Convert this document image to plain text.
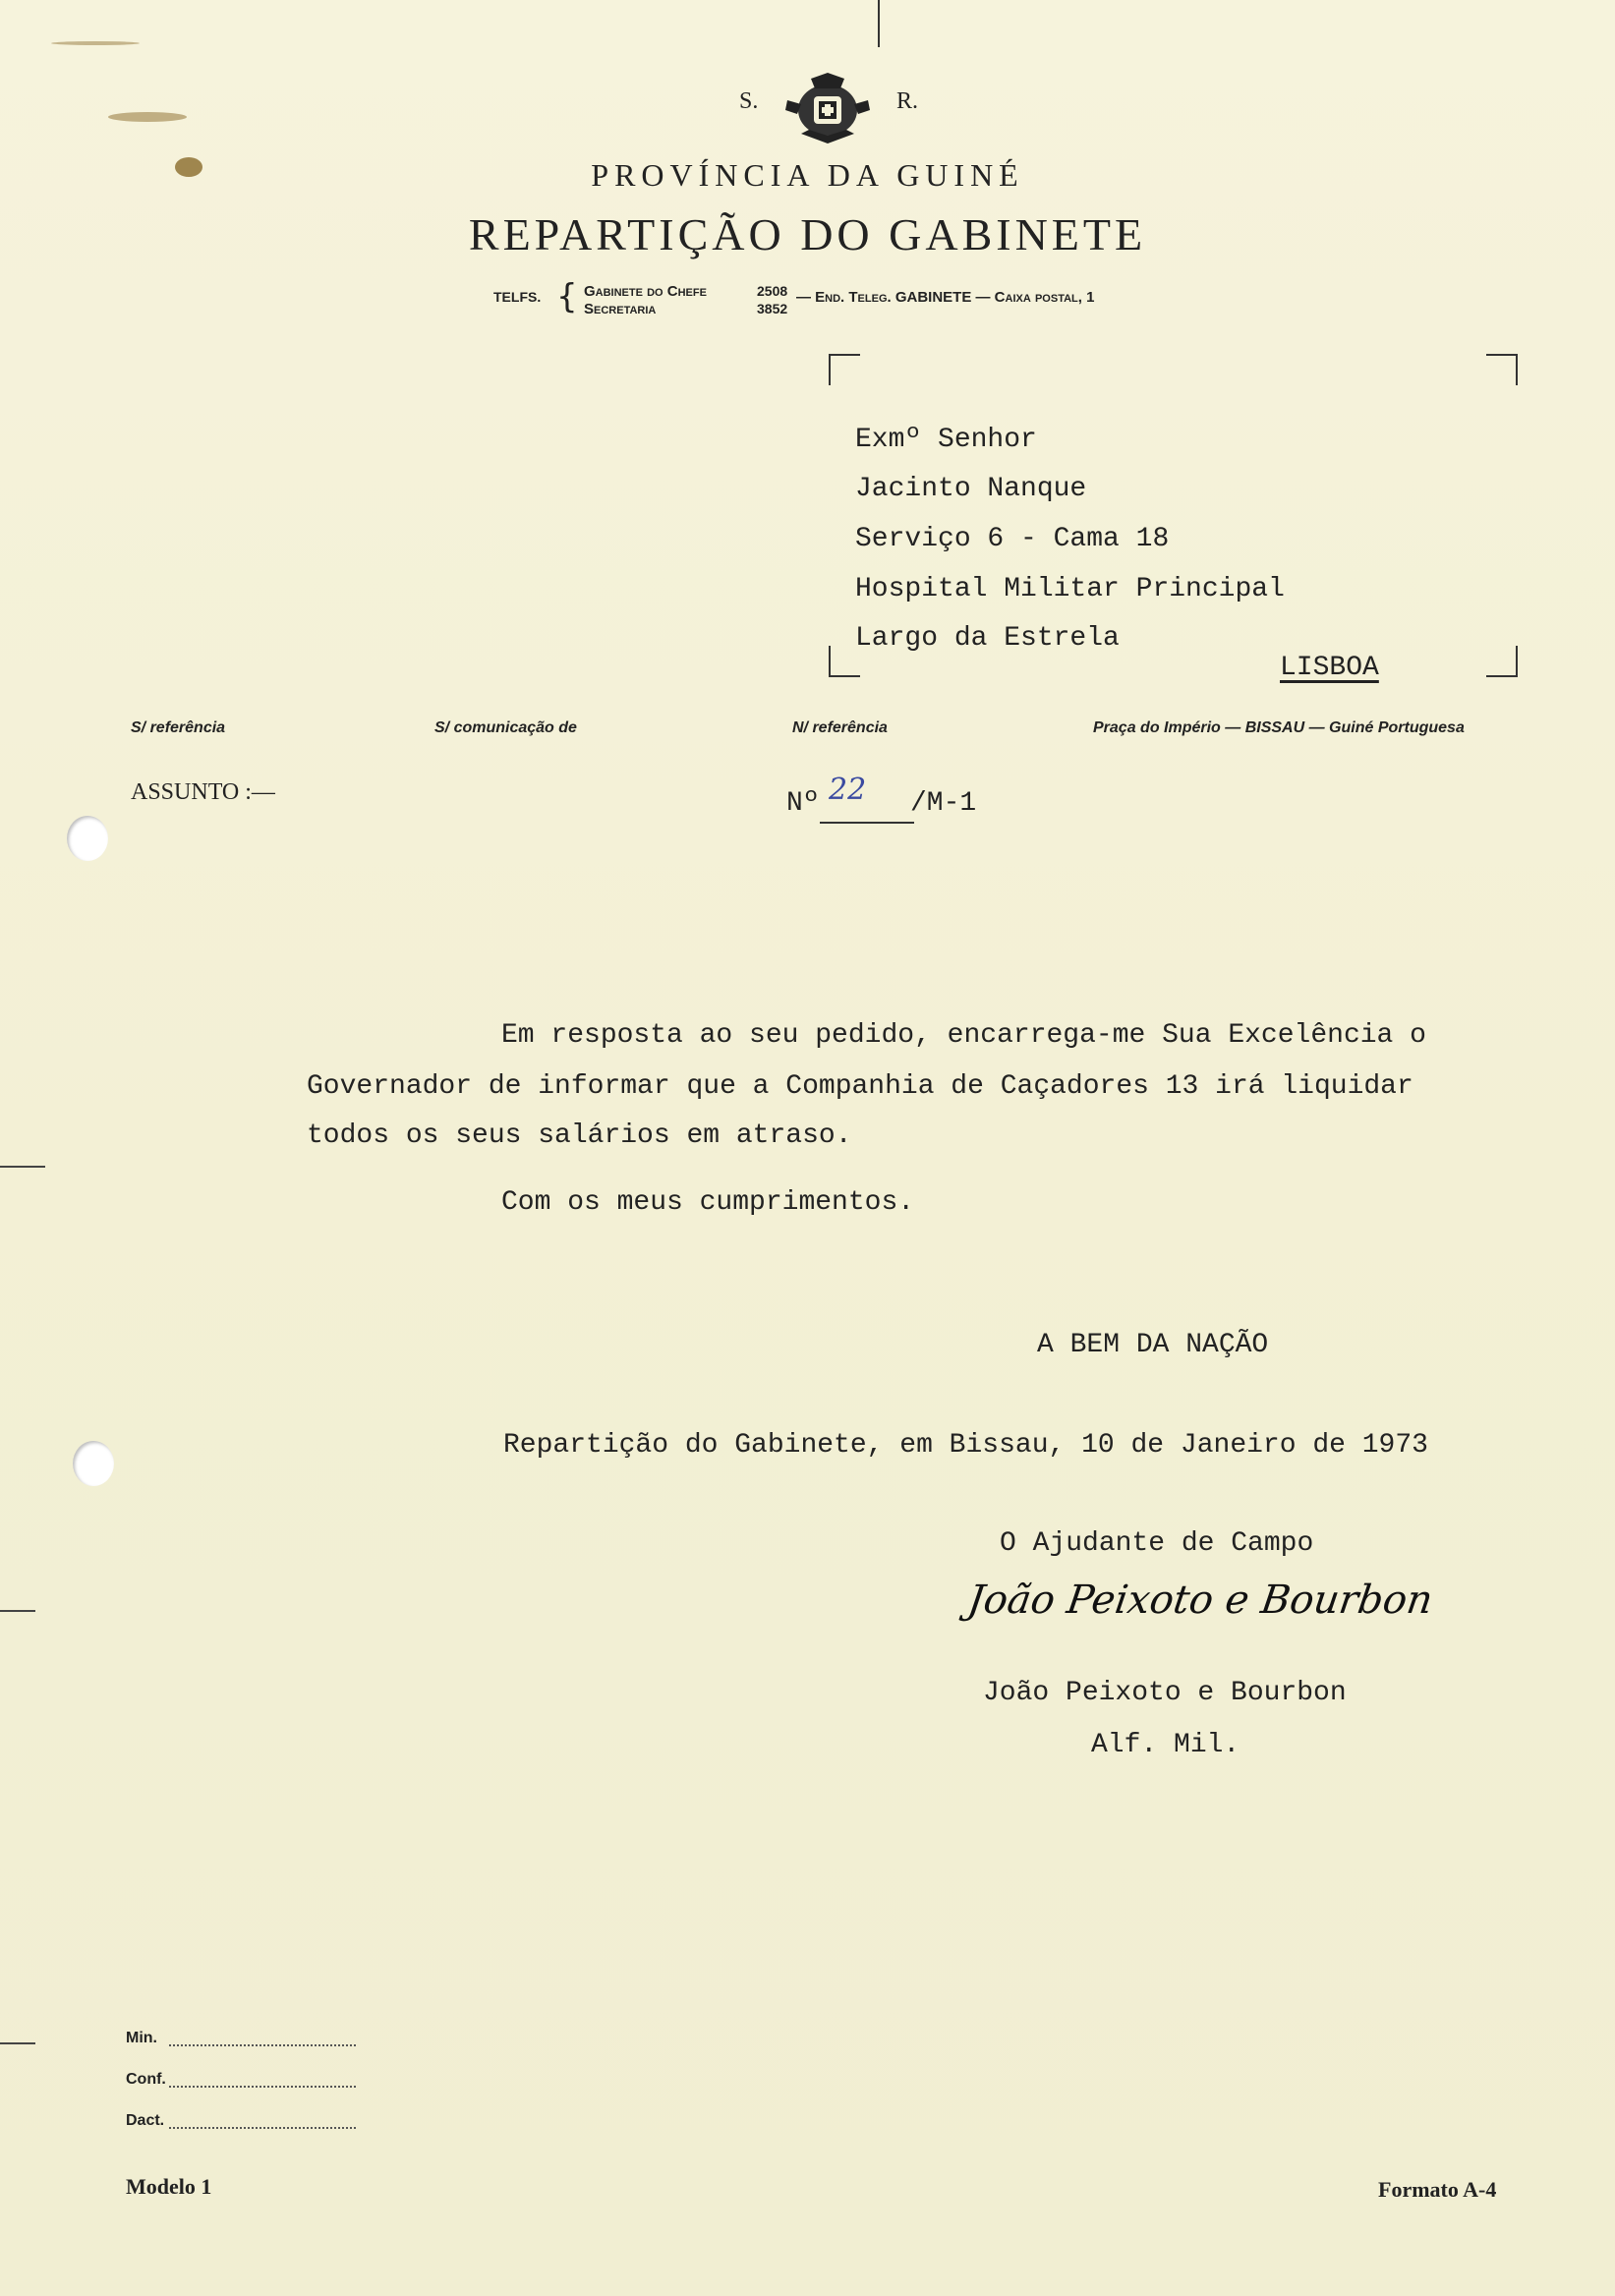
S.	R.
PROVÍNCIA DA GUINÉ
REPARTIÇÃO DO GABINETE
TELFS. { Gabinete do Chefe	2508
Secretaria	3852
— End. Teleg. GABINETE — Caixa postal, 1
Exmº Senhor
Jacinto Nanque
Serviço 6 - Cama 18
Hospital Militar Principal
Largo da Estrela
LISBOA
S/ referência	S/ comunicação de	N/ referência	Praça do Império — BISSAU — Guiné Portuguesa
ASSUNTO :—	Nº 22 /M-1
Em resposta ao seu pedido, encarrega-me Sua Excelência o
Governador de informar que a Companhia de Caçadores 13 irá liquidar
todos os seus salários em atraso.
Com os meus cumprimentos.
A BEM DA NAÇÃO
Repartição do Gabinete, em Bissau, 10 de Janeiro de 1973
O Ajudante de Campo
João Peixoto e Bourbon
João Peixoto e Bourbon
Alf. Mil.
Min.
Conf.
Dact.
Modelo 1	Formato A-4
